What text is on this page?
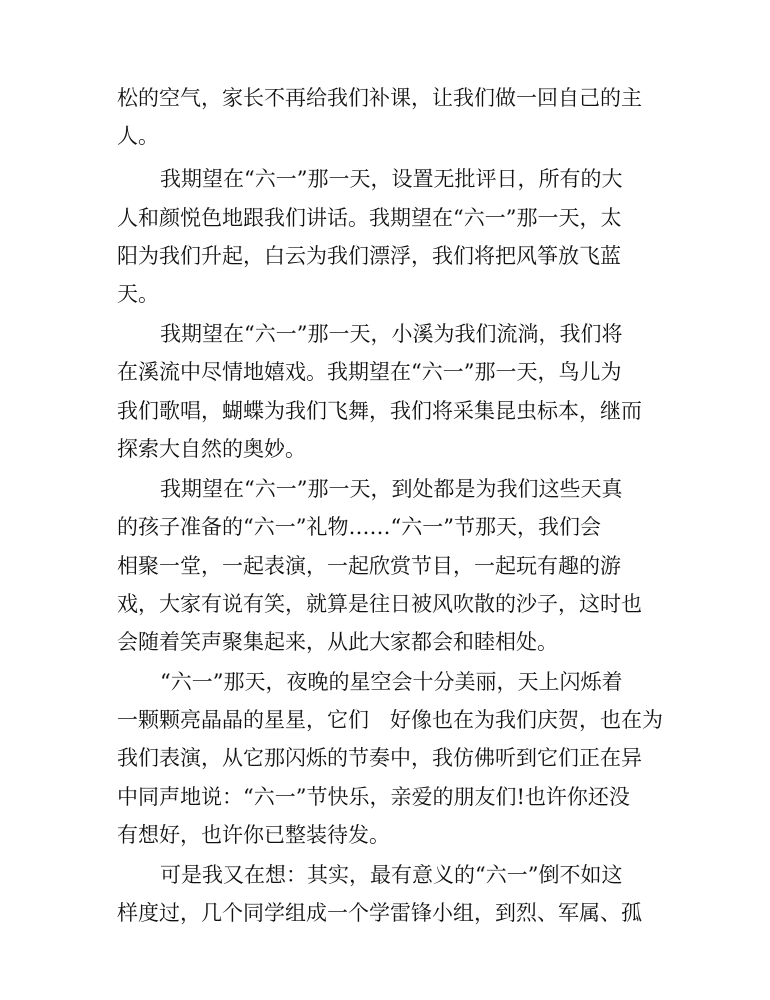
松的空气，家长不再给我们补课，让我们做一回自己的主

人。

我期望在“六一”那一天，设置无批评日，所有的大

人和颜悦色地跟我们讲话。我期望在“六一”那一天，太

阳为我们升起，白云为我们漂浮，我们将把风筝放飞蓝

天。

我期望在“六一”那一天，小溪为我们流淌，我们将

在溪流中尽情地嬉戏。我期望在“六一”那一天，鸟儿为

我们歌唱，蝴蝶为我们飞舞，我们将采集昆虫标本，继而

探索大自然的奥妙。

我期望在“六一”那一天，到处都是为我们这些天真

的孩子准备的“六一”礼物……“六一”节那天，我们会

相聚一堂，一起表演，一起欣赏节目，一起玩有趣的游

戏，大家有说有笑，就算是往日被风吹散的沙子，这时也

会随着笑声聚集起来，从此大家都会和睦相处。

“六一”那天，夜晚的星空会十分美丽，天上闪烁着

一颗颗亮晶晶的星星，它们　好像也在为我们庆贺，也在为

我们表演，从它那闪烁的节奏中，我仿佛听到它们正在异

中同声地说：“六一”节快乐，亲爱的朋友们!也许你还没

有想好，也许你已整装待发。

可是我又在想：其实，最有意义的“六一”倒不如这

样度过，几个同学组成一个学雷锋小组，到烈、军属、孤
